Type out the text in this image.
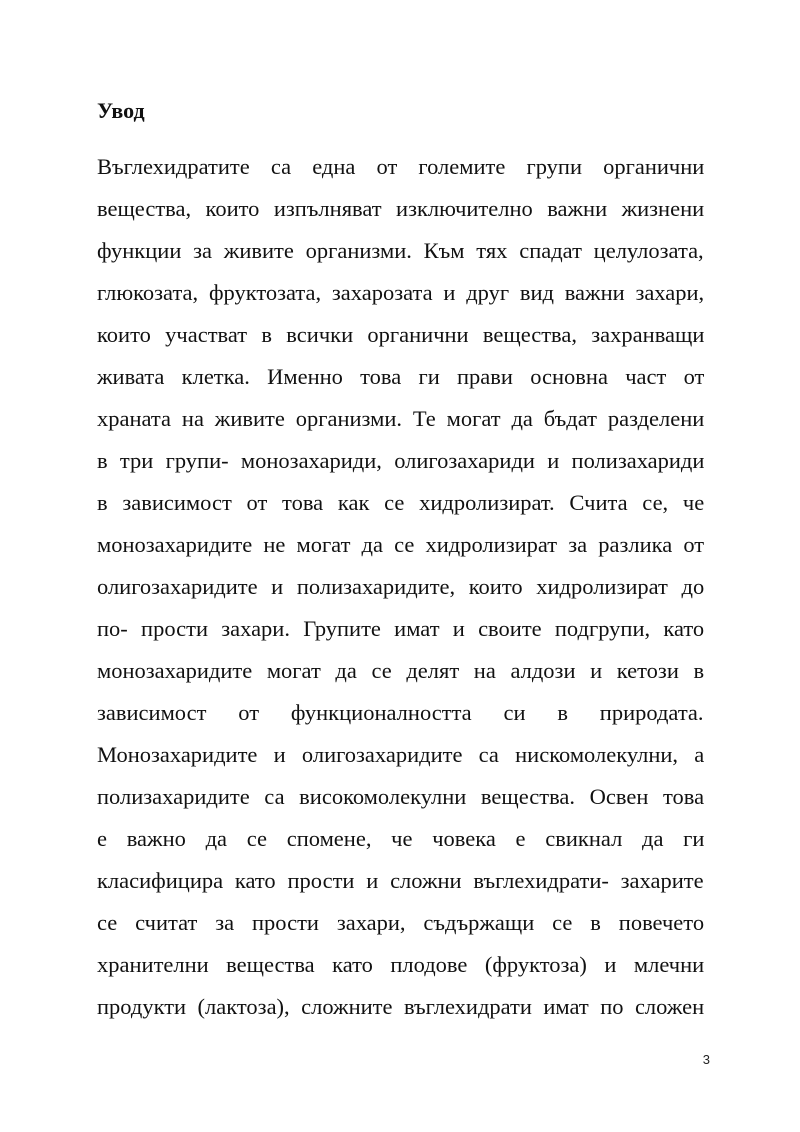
Увод
Въглехидратите са една от големите групи органични
вещества, които изпълняват изключително важни жизнени
функции за живите организми. Към тях спадат целулозата,
глюкозата, фруктозата, захарозата и друг вид важни захари,
които участват в всички органични вещества, захранващи
живата клетка. Именно това ги прави основна част от
храната на живите организми. Те могат да бъдат разделени
в три групи- монозахариди, олигозахариди и полизахариди
в зависимост от това как се хидролизират. Счита се, че
монозахаридите не могат да се хидролизират за разлика от
олигозахаридите и полизахаридите, които хидролизират до
по- прости захари. Групите имат и своите подгрупи, като
монозахаридите могат да се делят на алдози и кетози в
зависимост от функционалността си в природата.
Монозахаридите и олигозахаридите са нискомолекулни, а
полизахаридите са високомолекулни вещества. Освен това
е важно да се спомене, че човека е свикнал да ги
класифицира като прости и сложни въглехидрати- захарите
се считат за прости захари, съдържащи се в повечето
хранителни вещества като плодове (фруктоза) и млечни
продукти (лактоза), сложните въглехидрати имат по сложен
3
